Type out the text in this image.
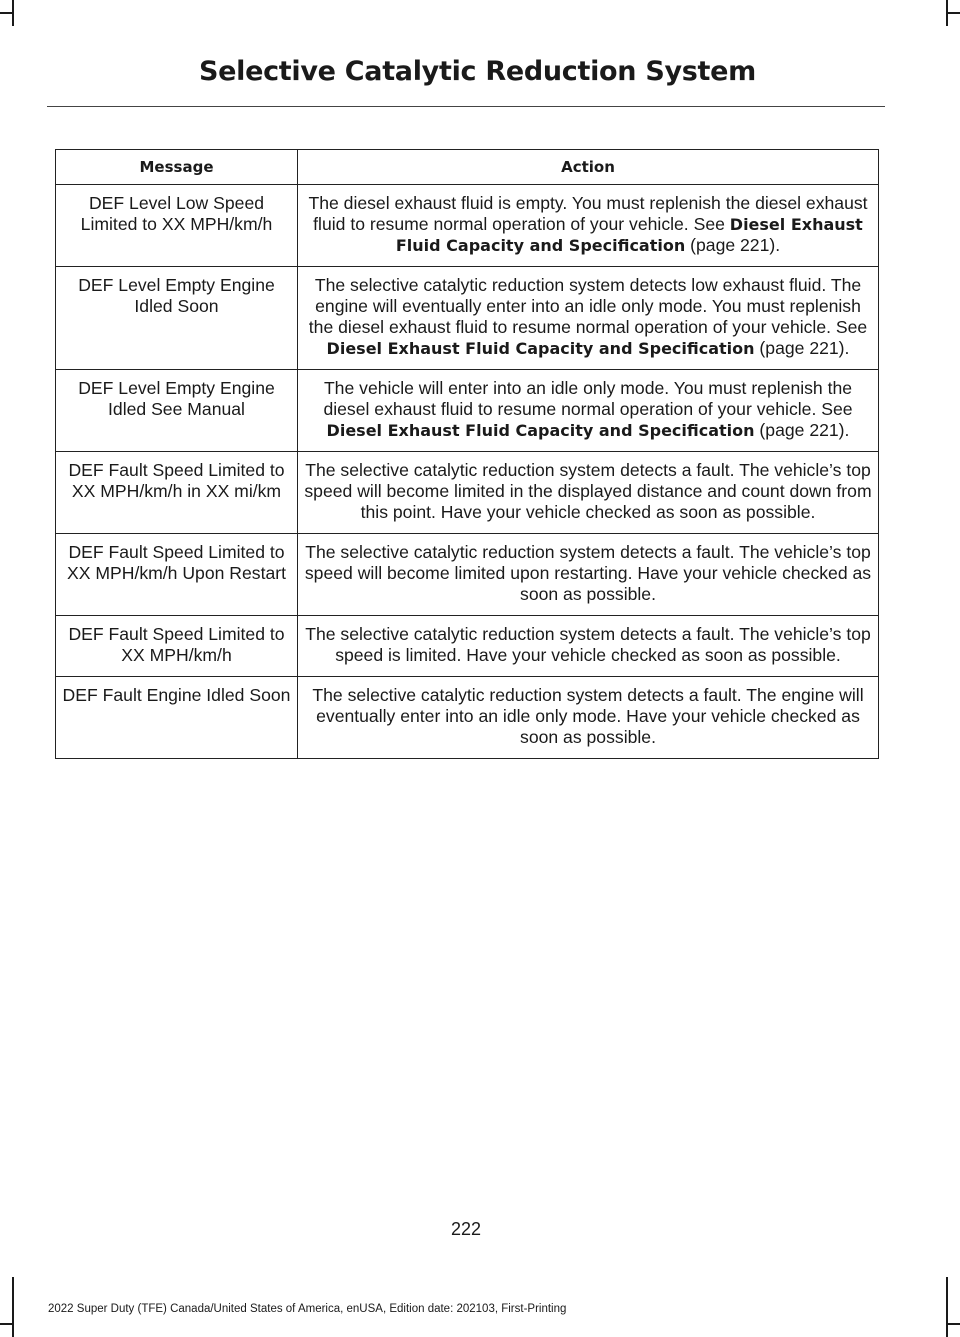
Selective Catalytic Reduction System
Message	Action
DEF Level Low Speed Limited to XX MPH/km/h	The diesel exhaust fluid is empty. You must replenish the diesel exhaust fluid to resume normal operation of your vehicle. See Diesel Exhaust Fluid Capacity and Specification (page 221).
DEF Level Empty Engine Idled Soon	The selective catalytic reduction system detects low exhaust fluid. The engine will eventually enter into an idle only mode. You must replenish the diesel exhaust fluid to resume normal operation of your vehicle. See Diesel Exhaust Fluid Capacity and Specification (page 221).
DEF Level Empty Engine Idled See Manual	The vehicle will enter into an idle only mode. You must replenish the diesel exhaust fluid to resume normal operation of your vehicle. See Diesel Exhaust Fluid Capacity and Specification (page 221).
DEF Fault Speed Limited to XX MPH/km/h in XX mi/km	The selective catalytic reduction system detects a fault. The vehicle’s top speed will become limited in the displayed distance and count down from this point. Have your vehicle checked as soon as possible.
DEF Fault Speed Limited to XX MPH/km/h Upon Restart	The selective catalytic reduction system detects a fault. The vehicle’s top speed will become limited upon restarting. Have your vehicle checked as soon as possible.
DEF Fault Speed Limited to XX MPH/km/h	The selective catalytic reduction system detects a fault. The vehicle’s top speed is limited. Have your vehicle checked as soon as possible.
DEF Fault Engine Idled Soon	The selective catalytic reduction system detects a fault. The engine will eventually enter into an idle only mode. Have your vehicle checked as soon as possible.
222
2022 Super Duty (TFE) Canada/United States of America, enUSA, Edition date: 202103, First-Printing
